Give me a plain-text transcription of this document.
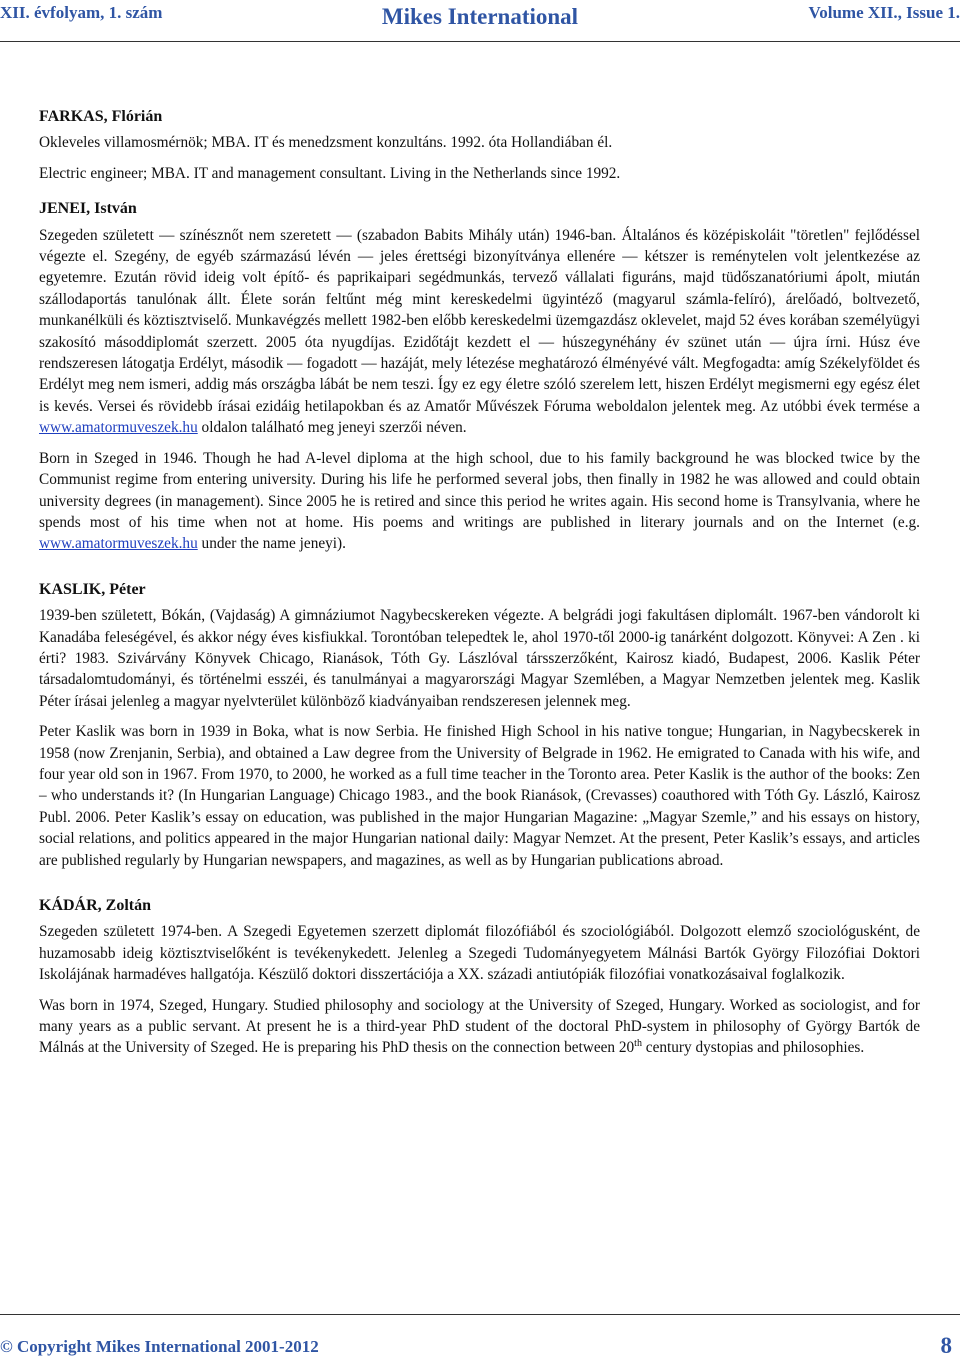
XII. évfolyam, 1. szám	Mikes International	Volume XII., Issue 1.
FARKAS, Flórián

Okleveles villamosmérnök; MBA. IT és menedzsment konzultáns. 1992. óta Hollandiában él.

Electric engineer; MBA. IT and management consultant. Living in the Netherlands since 1992.

JENEI, István

Szegeden született — színésznőt nem szeretett — (szabadon Babits Mihály után) 1946-ban. Általános és középiskoláit "töretlen" fejlődéssel végezte el. Szegény, de egyéb származású lévén — jeles érettségi bizonyítványa ellenére — kétszer is reménytelen volt jelentkezése az egyetemre. Ezután rövid ideig volt építő- és paprikaipari segédmunkás, tervező vállalati figuráns, majd tüdőszanatóriumi ápolt, miután szállodaportás tanulónak állt. Élete során feltűnt még mint kereskedelmi ügyintéző (magyarul számla-felíró), árelőadó, boltvezető, munkanélküli és köztisztviselő. Munkavégzés mellett 1982-ben előbb kereskedelmi üzemgazdász oklevelet, majd 52 éves korában személyügyi szakosító másoddiplomát szerzett. 2005 óta nyugdíjas. Ezidőtájt kezdett el — húszegynéhány év szünet után — újra írni. Húsz éve rendszeresen látogatja Erdélyt, második — fogadott — hazáját, mely létezése meghatározó élményévé vált. Megfogadta: amíg Székelyföldet és Erdélyt meg nem ismeri, addig más országba lábát be nem teszi. Így ez egy életre szóló szerelem lett, hiszen Erdélyt megismerni egy egész élet is kevés. Versei és rövidebb írásai ezidáig hetilapokban és az Amatőr Művészek Fóruma weboldalon jelentek meg. Az utóbbi évek termése a www.amatormuveszek.hu oldalon található meg jeneyi szerzői néven.

Born in Szeged in 1946. Though he had A-level diploma at the high school, due to his family background he was blocked twice by the Communist regime from entering university. During his life he performed several jobs, then finally in 1982 he was allowed and could obtain university degrees (in management). Since 2005 he is retired and since this period he writes again. His second home is Transylvania, where he spends most of his time when not at home. His poems and writings are published in literary journals and on the Internet (e.g. www.amatormuveszek.hu under the name jeneyi).

KASLIK, Péter

1939-ben született, Bókán, (Vajdaság) A gimnáziumot Nagybecskereken végezte. A belgrádi jogi fakultásen diplomált. 1967-ben vándorolt ki Kanadába feleségével, és akkor négy éves kisfiukkal. Torontóban telepedtek le, ahol 1970-től 2000-ig tanárként dolgozott. Könyvei: A Zen . ki érti? 1983. Szivárvány Könyvek Chicago, Rianások, Tóth Gy. Lászlóval társszerzőként, Kairosz kiadó, Budapest, 2006. Kaslik Péter társadalomtudományi, és történelmi esszéi, és tanulmányai a magyarországi Magyar Szemlében, a Magyar Nemzetben jelentek meg. Kaslik Péter írásai jelenleg a magyar nyelvterület különböző kiadványaiban rendszeresen jelennek meg.

Peter Kaslik was born in 1939 in Boka, what is now Serbia. He finished High School in his native tongue; Hungarian, in Nagybecskerek in 1958 (now Zrenjanin, Serbia), and obtained a Law degree from the University of Belgrade in 1962. He emigrated to Canada with his wife, and four year old son in 1967. From 1970, to 2000, he worked as a full time teacher in the Toronto area. Peter Kaslik is the author of the books: Zen – who understands it? (In Hungarian Language) Chicago 1983., and the book Rianások, (Crevasses) coauthored with Tóth Gy. László, Kairosz Publ. 2006. Peter Kaslik’s essay on education, was published in the major Hungarian Magazine: „Magyar Szemle,” and his essays on history, social relations, and politics appeared in the major Hungarian national daily: Magyar Nemzet. At the present, Peter Kaslik’s essays, and articles are published regularly by Hungarian newspapers, and magazines, as well as by Hungarian publications abroad.

KÁDÁR, Zoltán

Szegeden született 1974-ben. A Szegedi Egyetemen szerzett diplomát filozófiából és szociológiából. Dolgozott elemző szociológusként, de huzamosabb ideig köztisztviselőként is tevékenykedett. Jelenleg a Szegedi Tudományegyetem Málnási Bartók György Filozófiai Doktori Iskolájának harmadéves hallgatója. Készülő doktori disszertációja a XX. századi antiutópiák filozófiai vonatkozásaival foglalkozik.

Was born in 1974, Szeged, Hungary. Studied philosophy and sociology at the University of Szeged, Hungary. Worked as sociologist, and for many years as a public servant. At present he is a third-year PhD student of the doctoral PhD-system in philosophy of György Bartók de Málnás at the University of Szeged. He is preparing his PhD thesis on the connection between 20th century dystopias and philosophies.

© Copyright Mikes International 2001-2012	8
